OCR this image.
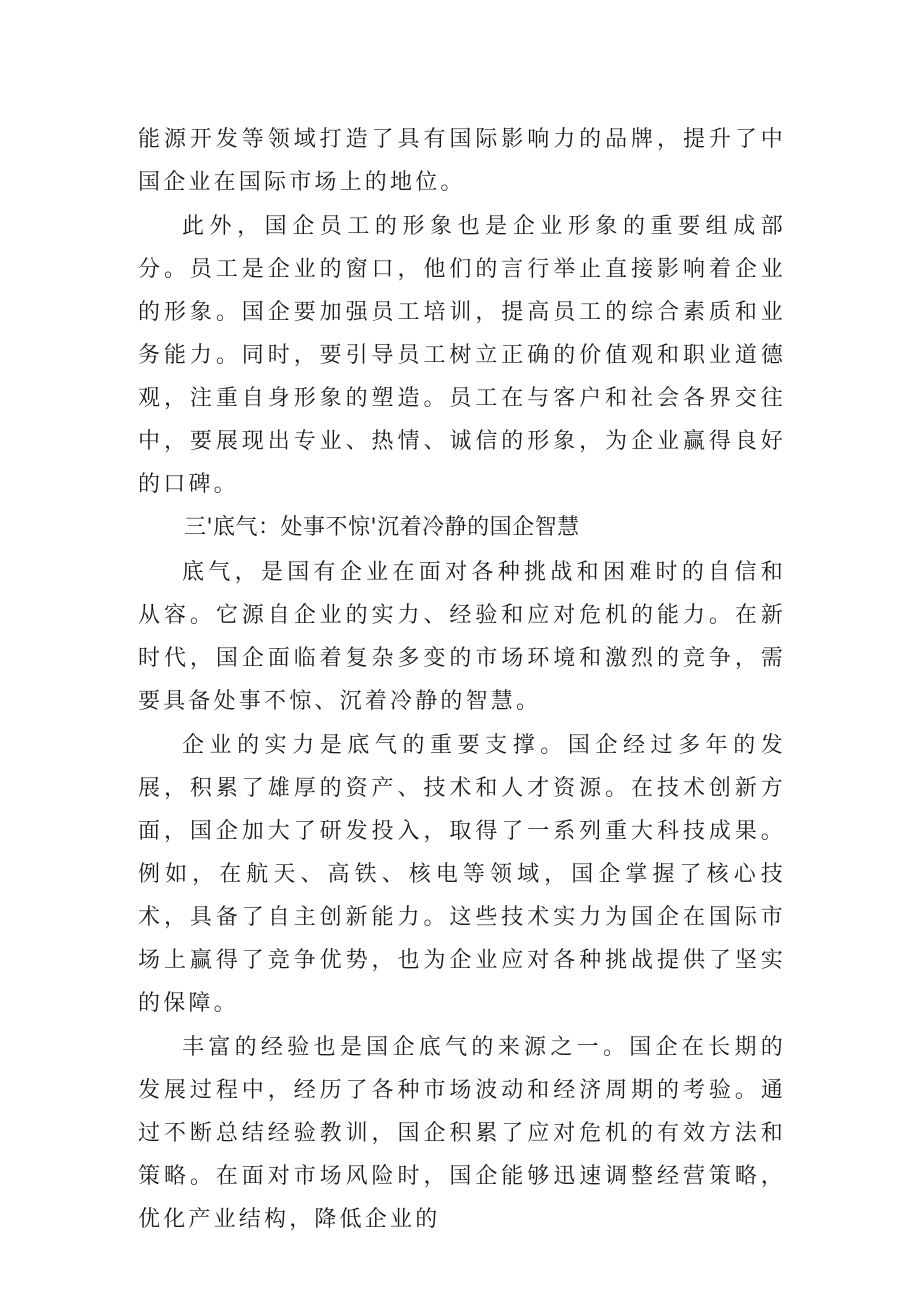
能源开发等领域打造了具有国际影响力的品牌，提升了中国企业在国际市场上的地位。

此外，国企员工的形象也是企业形象的重要组成部分。员工是企业的窗口，他们的言行举止直接影响着企业的形象。国企要加强员工培训，提高员工的综合素质和业务能力。同时，要引导员工树立正确的价值观和职业道德观，注重自身形象的塑造。员工在与客户和社会各界交往中，要展现出专业、热情、诚信的形象，为企业赢得良好的口碑。

三'底气：处事不惊'沉着冷静的国企智慧

底气，是国有企业在面对各种挑战和困难时的自信和从容。它源自企业的实力、经验和应对危机的能力。在新时代，国企面临着复杂多变的市场环境和激烈的竞争，需要具备处事不惊、沉着冷静的智慧。

企业的实力是底气的重要支撑。国企经过多年的发展，积累了雄厚的资产、技术和人才资源。在技术创新方面，国企加大了研发投入，取得了一系列重大科技成果。例如，在航天、高铁、核电等领域，国企掌握了核心技术，具备了自主创新能力。这些技术实力为国企在国际市场上赢得了竞争优势，也为企业应对各种挑战提供了坚实的保障。

丰富的经验也是国企底气的来源之一。国企在长期的发展过程中，经历了各种市场波动和经济周期的考验。通过不断总结经验教训，国企积累了应对危机的有效方法和策略。在面对市场风险时，国企能够迅速调整经营策略，优化产业结构，降低企业的
